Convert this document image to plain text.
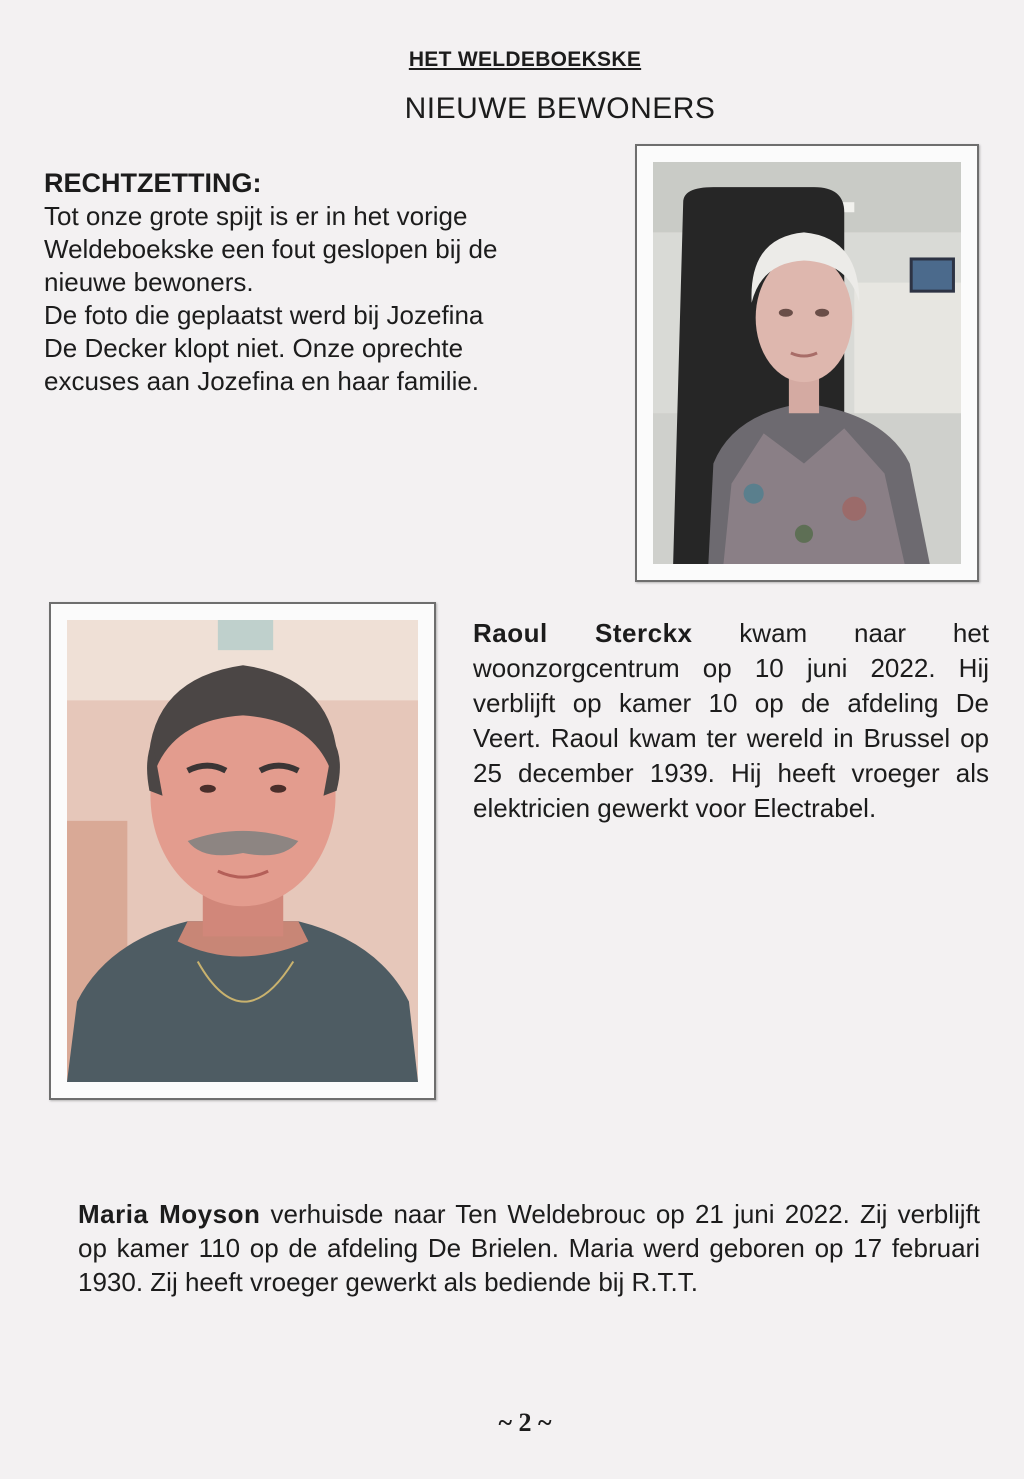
HET WELDEBOEKSKE
NIEUWE BEWONERS
RECHTZETTING:

Tot onze grote spijt is er in het vorige
Weldeboekske een fout geslopen bij de
nieuwe bewoners.
De foto die geplaatst werd bij Jozefina
De Decker klopt niet. Onze oprechte
excuses aan Jozefina en haar familie.

Raoul Sterckx kwam naar het woonzorgcentrum op 10 juni 2022. Hij verblijft op kamer 10 op de afdeling De Veert. Raoul kwam ter wereld in Brussel op 25 december 1939. Hij heeft vroeger als elektricien gewerkt voor Electrabel.
Maria Moyson verhuisde naar Ten Weldebrouc op 21 juni 2022. Zij verblijft op kamer 110 op de afdeling De Brielen. Maria werd geboren op 17 februari 1930. Zij heeft vroeger gewerkt als bediende bij R.T.T.
~ 2 ~
